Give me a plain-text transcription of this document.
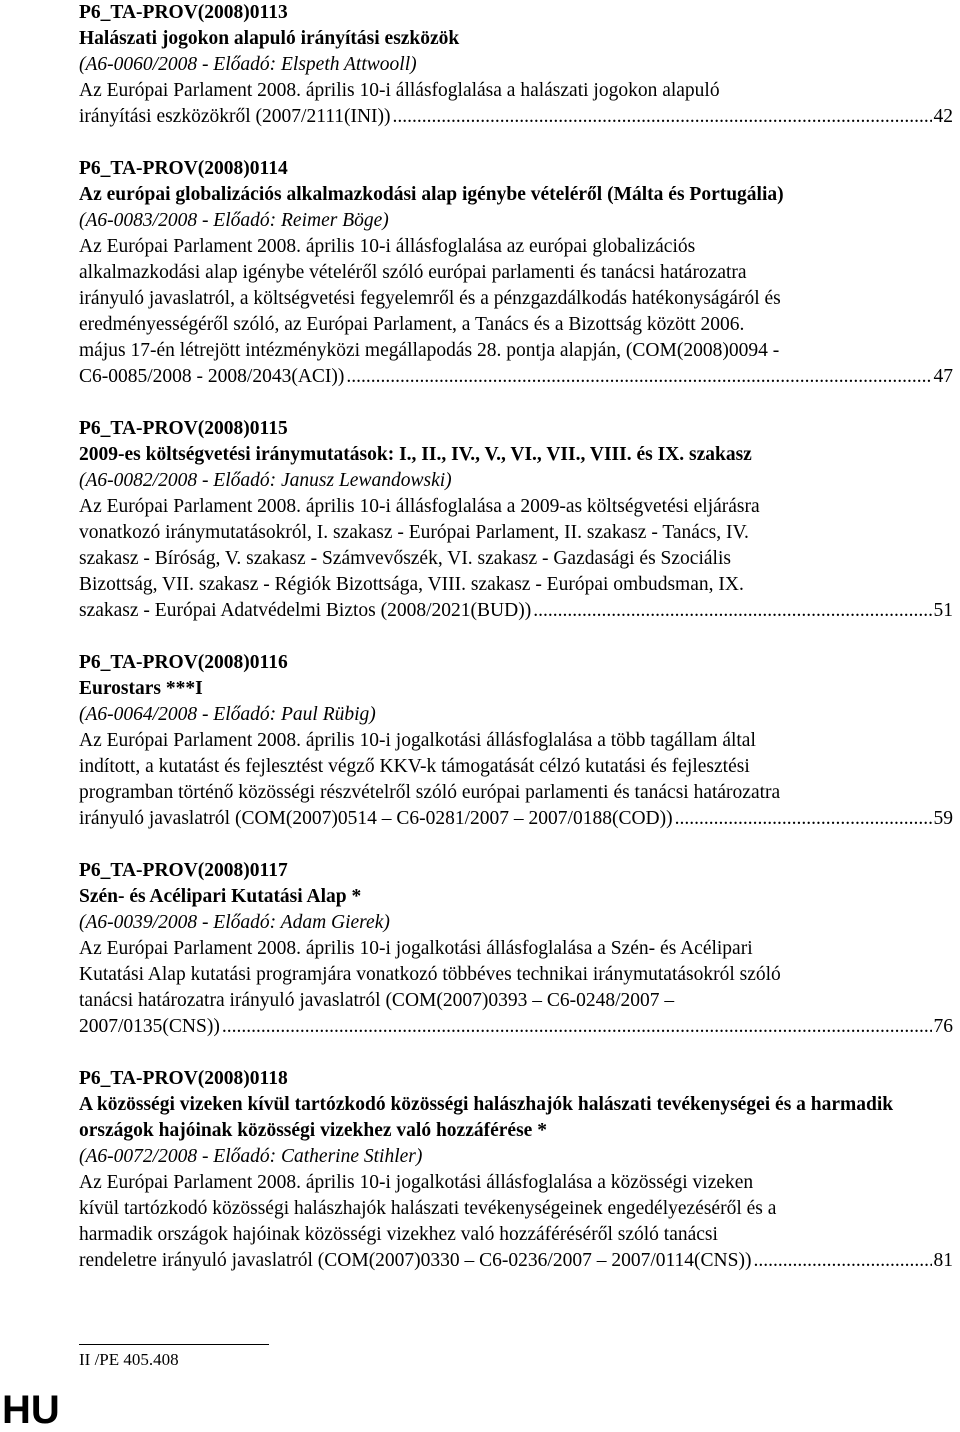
P6_TA-PROV(2008)0113
Halászati jogokon alapuló irányítási eszközök
(A6-0060/2008 - Előadó: Elspeth Attwooll)
Az Európai Parlament 2008. április 10-i állásfoglalása a halászati jogokon alapuló
irányítási eszközökről (2007/2111(INI)) .....	42
P6_TA-PROV(2008)0114
Az európai globalizációs alkalmazkodási alap igénybe vételéről (Málta és Portugália)
(A6-0083/2008 - Előadó: Reimer Böge)
Az Európai Parlament 2008. április 10-i állásfoglalása az európai globalizációs
alkalmazkodási alap igénybe vételéről szóló európai parlamenti és tanácsi határozatra
irányuló javaslatról, a költségvetési fegyelemről és a pénzgazdálkodás hatékonyságáról és
eredményességéről szóló, az Európai Parlament, a Tanács és a Bizottság között 2006.
május 17-én létrejött intézményközi megállapodás 28. pontja alapján, (COM(2008)0094 -
C6-0085/2008 - 2008/2043(ACI)) .....	47
P6_TA-PROV(2008)0115
2009-es költségvetési iránymutatások: I., II., IV., V., VI., VII., VIII. és IX. szakasz
(A6-0082/2008 - Előadó: Janusz Lewandowski)
Az Európai Parlament 2008. április 10-i állásfoglalása a 2009-as költségvetési eljárásra
vonatkozó iránymutatásokról, I. szakasz - Európai Parlament, II. szakasz - Tanács, IV.
szakasz - Bíróság, V. szakasz - Számvevőszék, VI. szakasz - Gazdasági és Szociális
Bizottság, VII. szakasz - Régiók Bizottsága, VIII. szakasz - Európai ombudsman, IX.
szakasz - Európai Adatvédelmi Biztos (2008/2021(BUD)) .....	51
P6_TA-PROV(2008)0116
Eurostars ***I
(A6-0064/2008 - Előadó: Paul Rübig)
Az Európai Parlament 2008. április 10-i jogalkotási állásfoglalása a több tagállam által
indított, a kutatást és fejlesztést végző KKV-k támogatását célzó kutatási és fejlesztési
programban történő közösségi részvételről szóló európai parlamenti és tanácsi határozatra
irányuló javaslatról (COM(2007)0514 – C6-0281/2007 – 2007/0188(COD)) .....	59
P6_TA-PROV(2008)0117
Szén- és Acélipari Kutatási Alap *
(A6-0039/2008 - Előadó: Adam Gierek)
Az Európai Parlament 2008. április 10-i jogalkotási állásfoglalása a Szén- és Acélipari
Kutatási Alap kutatási programjára vonatkozó többéves technikai iránymutatásokról szóló
tanácsi határozatra irányuló javaslatról (COM(2007)0393 – C6-0248/2007 –
2007/0135(CNS)) .....	76
P6_TA-PROV(2008)0118
A közösségi vizeken kívül tartózkodó közösségi halászhajók halászati tevékenységei és a harmadik országok hajóinak közösségi vizekhez való hozzáférése *
(A6-0072/2008 - Előadó: Catherine Stihler)
Az Európai Parlament 2008. április 10-i jogalkotási állásfoglalása a közösségi vizeken
kívül tartózkodó közösségi halászhajók halászati tevékenységeinek engedélyezéséről és a
harmadik országok hajóinak közösségi vizekhez való hozzáféréséről szóló tanácsi
rendeletre irányuló javaslatról (COM(2007)0330 – C6-0236/2007 – 2007/0114(CNS)) .....	81
II /PE 405.408
HU
